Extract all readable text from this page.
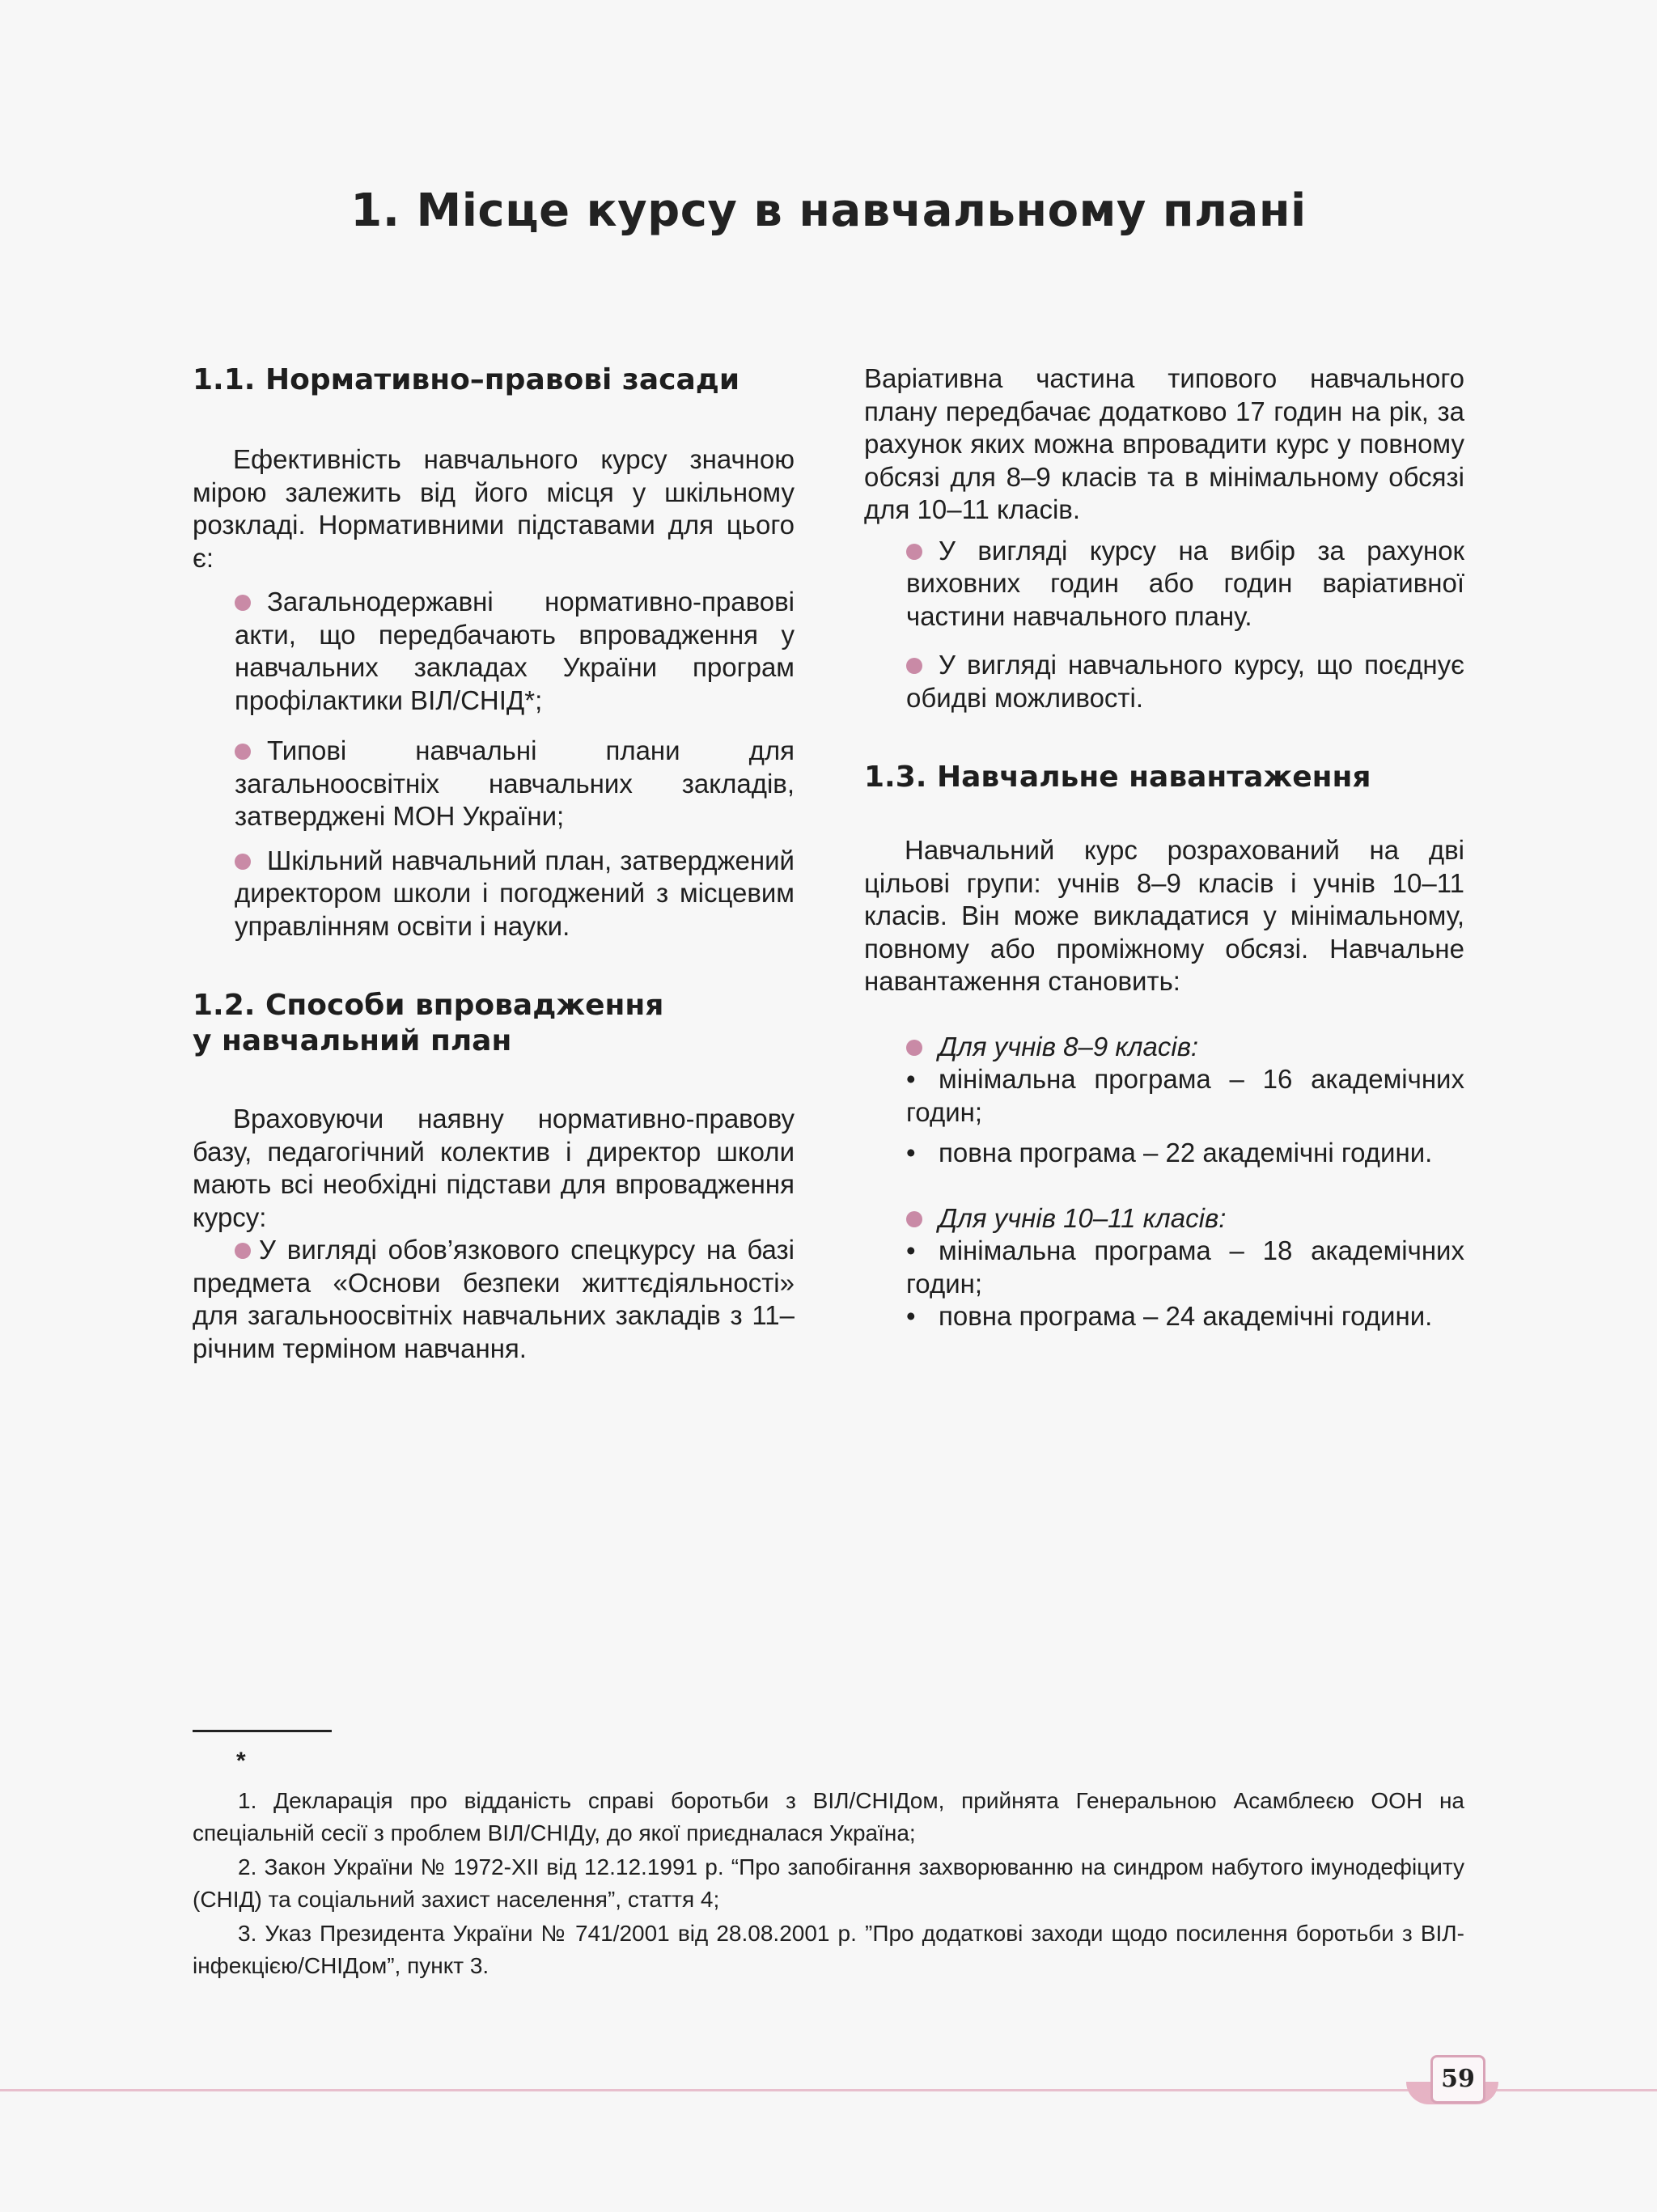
1. Місце курсу в навчальному плані
1.1. Нормативно–правові засади

Ефективність навчального курсу значною мірою залежить від його місця у шкільному розкладі. Нормативними підставами для цього є:

Загальнодержавні нормативно-правові акти, що передбачають впровадження у навчальних закладах України програм профілактики ВІЛ/СНІД*;
Типові навчальні плани для загальноосвітніх навчальних закладів, затверджені МОН України;
Шкільний навчальний план, затверджений директором школи і погоджений з місцевим управлінням освіти і науки.
1.2. Способи впровадження
у навчальний план

Враховуючи наявну нормативно-правову базу, педагогічний колектив і директор школи мають всі необхідні підстави для впровадження курсу:

У вигляді обов’язкового спецкурсу на базі предмета «Основи безпеки життєдіяльності» для загальноосвітніх навчальних закладів з 11–річним терміном навчання.

Варіативна частина типового навчального плану передбачає додатково 17 годин на рік, за рахунок яких можна впровадити курс у повному обсязі для 8–9 класів та в мінімальному обсязі для 10–11 класів.

У вигляді курсу на вибір за рахунок виховних годин або годин варіативної частини навчального плану.
У вигляді навчального курсу, що поєднує обидві можливості.
1.3. Навчальне навантаження

Навчальний курс розрахований на дві цільові групи: учнів 8–9 класів і учнів 10–11 класів. Він може викладатися у мінімальному, повному або проміжному обсязі. Навчальне навантаження становить:

Для учнів 8–9 класів:
• мінімальна програма – 16 академічних годин;
• повна програма – 22 академічні години.
Для учнів 10–11 класів:
• мінімальна програма – 18 академічних годин;
• повна програма – 24 академічні години.
*
1. Декларація про відданість справі боротьби з ВІЛ/СНІДом, прийнята Генеральною Асамблеєю ООН на спеціальній сесії з проблем ВІЛ/СНІДу, до якої приєдналася Україна;
2. Закон України № 1972-XII від 12.12.1991 р. “Про запобігання захворюванню на синдром набутого імунодефіциту (СНІД) та соціальний захист населення”, стаття 4;
3. Указ Президента України № 741/2001 від 28.08.2001 р. ”Про додаткові заходи щодо посилення боротьби з ВІЛ-інфекцією/СНІДом”, пункт 3.
59
